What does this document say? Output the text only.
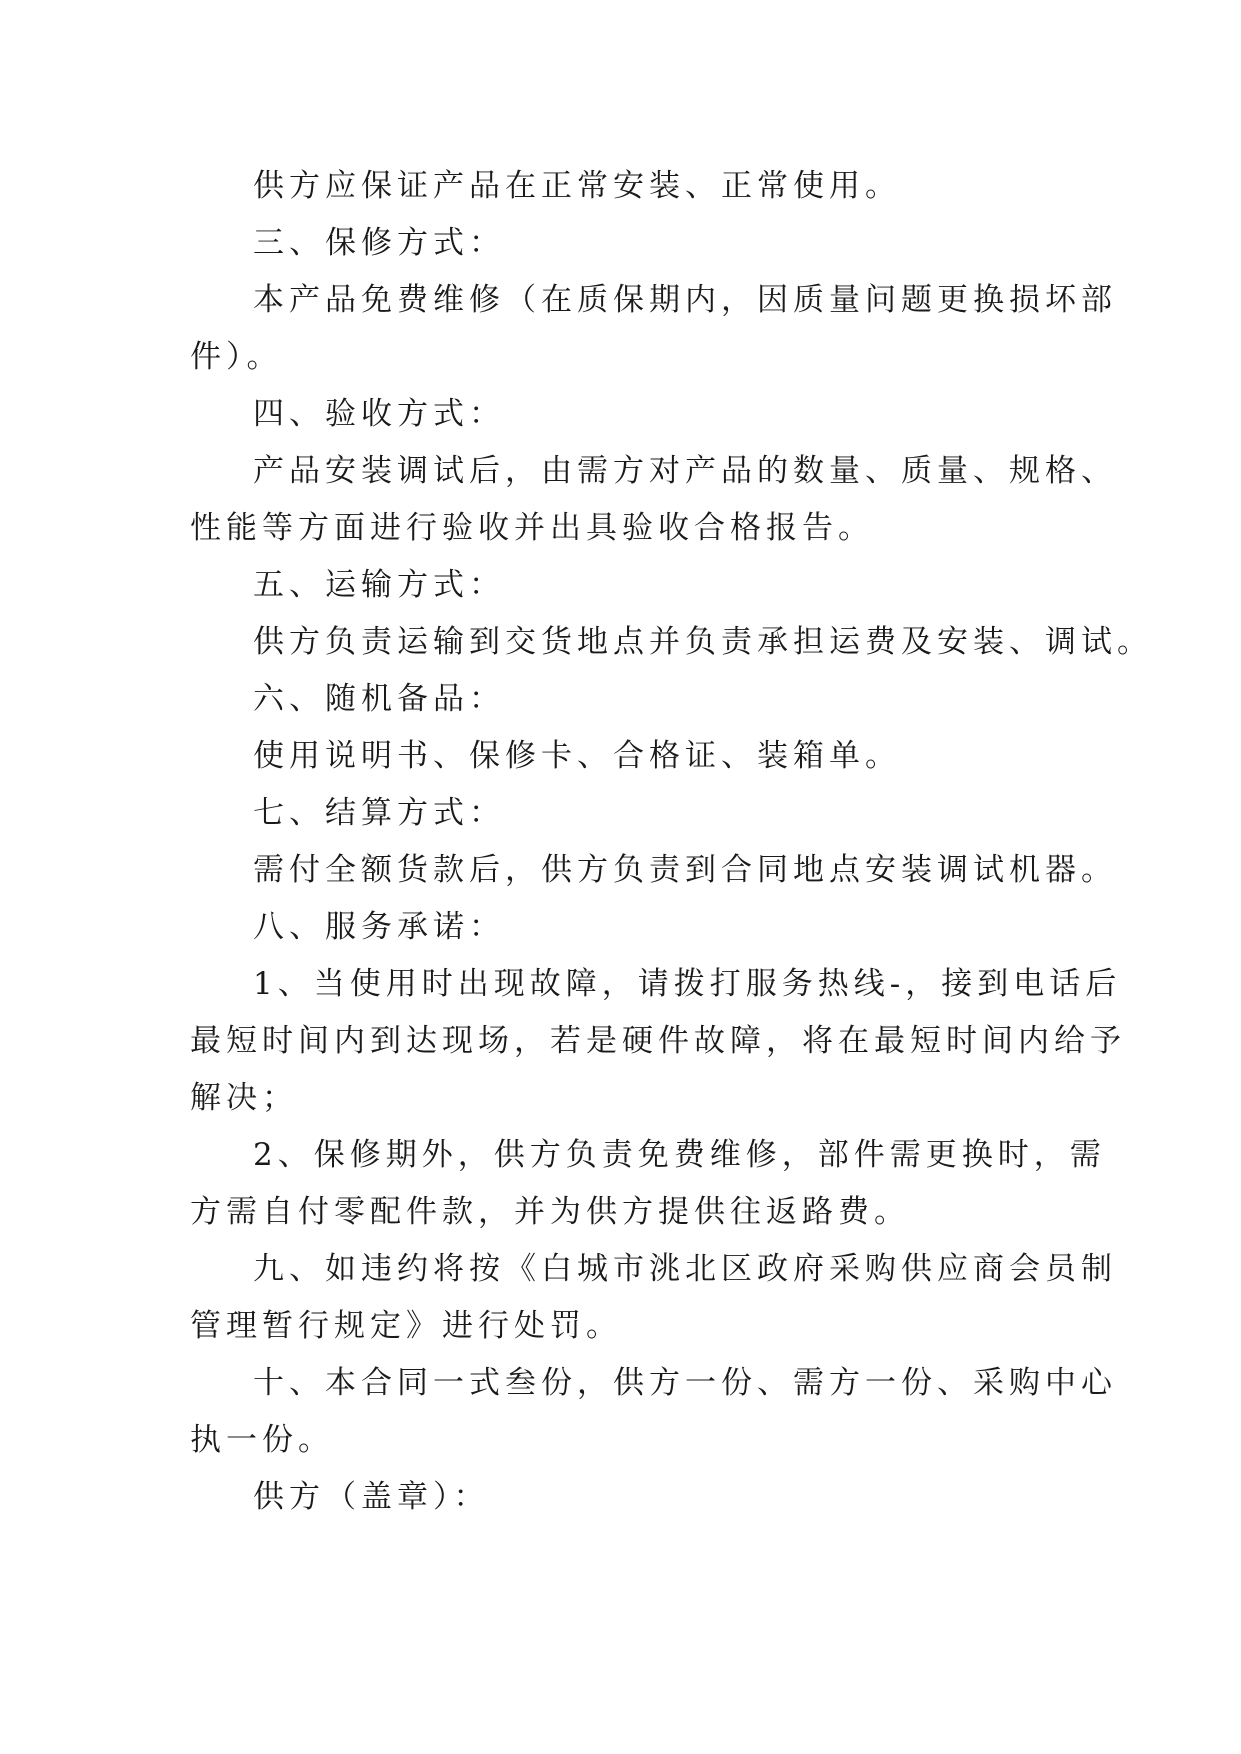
供方应保证产品在正常安装、正常使用。

三、保修方式：

本产品免费维修（在质保期内，因质量问题更换损坏部

件）。

四、验收方式：

产品安装调试后，由需方对产品的数量、质量、规格、

性能等方面进行验收并出具验收合格报告。

五、运输方式：

供方负责运输到交货地点并负责承担运费及安装、调试。

六、随机备品：

使用说明书、保修卡、合格证、装箱单。

七、结算方式：

需付全额货款后，供方负责到合同地点安装调试机器。

八、服务承诺：

1、当使用时出现故障，请拨打服务热线-，接到电话后

最短时间内到达现场，若是硬件故障，将在最短时间内给予

解决；

2、保修期外，供方负责免费维修，部件需更换时，需

方需自付零配件款，并为供方提供往返路费。

九、如违约将按《白城市洮北区政府采购供应商会员制

管理暂行规定》进行处罚。

十、本合同一式叁份，供方一份、需方一份、采购中心

执一份。

供方（盖章）：
